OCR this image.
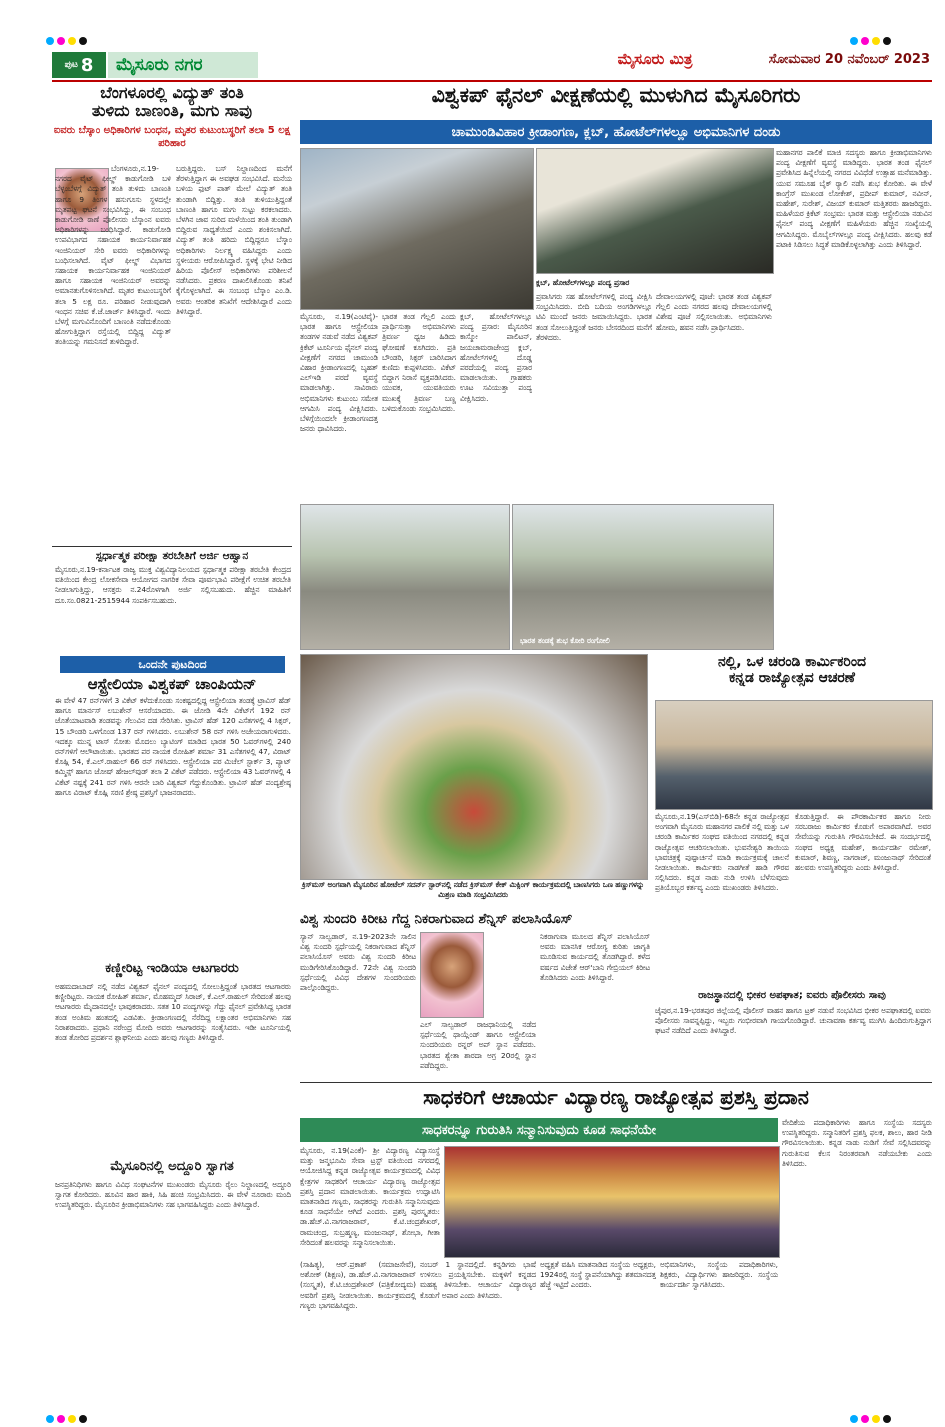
ಪುಟ 8	ಮೈಸೂರು ನಗರ	ಮೈಸೂರು ಮಿತ್ರ	ಸೋಮವಾರ 20 ನವೆಂಬರ್ 2023
ಬೆಂಗಳೂರಲ್ಲಿ ವಿದ್ಯುತ್ ತಂತಿ
ತುಳಿದು ಬಾಣಂತಿ, ಮಗು ಸಾವು
ಐವರು ಬೆಸ್ಕಾಂ ಅಧಿಕಾರಿಗಳ ಬಂಧನ, ಮೃತರ ಕುಟುಂಬಸ್ಥರಿಗೆ ತಲಾ 5 ಲಕ್ಷ ಪರಿಹಾರ
ಬೆಂಗಳೂರು,ನ.19-ನಗರದ ವೈಟ್ ಫೀಲ್ಡ್ ಕಾಡುಗೋಡಿ ಬಳಿ ಬೆಳ್ಳಂಬೆಳಗ್ಗೆ ವಿದ್ಯುತ್ ತಂತಿ ತುಳಿದು ಬಾಣಂತಿ ಹಾಗೂ 9 ತಿಂಗಳ ಹಸುಗೂಸು ಸ್ಥಳದಲ್ಲೇ ಮೃತಪಟ್ಟ ಘಟನೆ ಸಂಭವಿಸಿದ್ದು, ಈ ಸಂಬಂಧ ಕಾಡುಗೋಡಿ ಠಾಣೆ ಪೊಲೀಸರು ಬೆಸ್ಕಾಂನ ಐವರು ಅಧಿಕಾರಿಗಳನ್ನು ಬಂಧಿಸಿದ್ದಾರೆ. ಕಾಡುಗೋಡಿ ಉಪವಿಭಾಗದ ಸಹಾಯಕ ಕಾರ್ಯನಿರ್ವಾಹಕ ಇಂಜಿನಿಯರ್ ಸೇರಿ ಐವರು ಅಧಿಕಾರಿಗಳನ್ನು ಬಂಧಿಸಲಾಗಿದೆ. ವೈಟ್ ಫೀಲ್ಡ್ ವಿಭಾಗದ ಸಹಾಯಕ ಕಾರ್ಯನಿರ್ವಾಹಕ ಇಂಜಿನಿಯರ್ ಹಾಗೂ ಸಹಾಯಕ ಇಂಜಿನಿಯರ್ ಅವರನ್ನು ಅಮಾನತುಗೊಳಿಸಲಾಗಿದೆ. ಮೃತರ ಕುಟುಂಬಸ್ಥರಿಗೆ ತಲಾ 5 ಲಕ್ಷ ರೂ. ಪರಿಹಾರ ನೀಡುವುದಾಗಿ ಇಂಧನ ಸಚಿವ ಕೆ.ಜೆ.ಜಾರ್ಜ್ ತಿಳಿಸಿದ್ದಾರೆ. ಇಂದು ಬೆಳಗ್ಗೆ ಮಗುವಿನೊಂದಿಗೆ ಬಾಣಂತಿ ನಡೆದುಕೊಂಡು ಹೋಗುತ್ತಿದ್ದಾಗ ರಸ್ತೆಯಲ್ಲಿ ಬಿದ್ದಿದ್ದ ವಿದ್ಯುತ್ ತಂತಿಯನ್ನು ಗಮನಿಸದೆ ತುಳಿದಿದ್ದಾರೆ.
ಬರುತ್ತಿದ್ದರು. ಬಸ್ ನಿಲ್ದಾಣದಿಂದ ಮನೆಗೆ ತೆರಳುತ್ತಿದ್ದಾಗ ಈ ಅವಘಡ ಸಂಭವಿಸಿದೆ. ಮನೆಯ ಬಳಿಯ ಫುಟ್ ಪಾತ್ ಮೇಲೆ ವಿದ್ಯುತ್ ತಂತಿ ತುಂಡಾಗಿ ಬಿದ್ದಿತ್ತು. ತಂತಿ ತುಳಿಯುತ್ತಿದ್ದಂತೆ ಬಾಣಂತಿ ಹಾಗೂ ಮಗು ಸುಟ್ಟು ಕರಕಲಾದರು. ಬೆಳಗಿನ ಜಾವ ಸುರಿದ ಮಳೆಯಿಂದ ತಂತಿ ತುಂಡಾಗಿ ಬಿದ್ದಿರುವ ಸಾಧ್ಯತೆಯಿದೆ ಎಂದು ಶಂಕಿಸಲಾಗಿದೆ. ವಿದ್ಯುತ್ ತಂತಿ ಹರಿದು ಬಿದ್ದಿದ್ದರೂ ಬೆಸ್ಕಾಂ ಅಧಿಕಾರಿಗಳು ನಿರ್ಲಕ್ಷ್ಯ ವಹಿಸಿದ್ದರು ಎಂದು ಸ್ಥಳೀಯರು ಆರೋಪಿಸಿದ್ದಾರೆ. ಸ್ಥಳಕ್ಕೆ ಭೇಟಿ ನೀಡಿದ ಹಿರಿಯ ಪೊಲೀಸ್ ಅಧಿಕಾರಿಗಳು ಪರಿಶೀಲನೆ ನಡೆಸಿದರು. ಪ್ರಕರಣ ದಾಖಲಿಸಿಕೊಂಡು ತನಿಖೆ ಕೈಗೊಳ್ಳಲಾಗಿದೆ. ಈ ಸಂಬಂಧ ಬೆಸ್ಕಾಂ ಎಂ.ಡಿ. ಅವರು ಆಂತರಿಕ ತನಿಖೆಗೆ ಆದೇಶಿಸಿದ್ದಾರೆ ಎಂದು ತಿಳಿಸಿದ್ದಾರೆ.
ಸ್ಪರ್ಧಾತ್ಮಕ ಪರೀಕ್ಷಾ ತರಬೇತಿಗೆ ಅರ್ಜಿ ಆಹ್ವಾನ
ಮೈಸೂರು,ನ.19-ಕರ್ನಾಟಕ ರಾಜ್ಯ ಮುಕ್ತ ವಿಶ್ವವಿದ್ಯಾನಿಲಯದ ಸ್ಪರ್ಧಾತ್ಮಕ ಪರೀಕ್ಷಾ ತರಬೇತಿ ಕೇಂದ್ರದ ವತಿಯಿಂದ ಕೇಂದ್ರ ಲೋಕಸೇವಾ ಆಯೋಗದ ನಾಗರಿಕ ಸೇವಾ ಪೂರ್ವಭಾವಿ ಪರೀಕ್ಷೆಗೆ ಉಚಿತ ತರಬೇತಿ ನೀಡಲಾಗುತ್ತಿದ್ದು, ಆಸಕ್ತರು ನ.24ರೊಳಗಾಗಿ ಅರ್ಜಿ ಸಲ್ಲಿಸಬಹುದು. ಹೆಚ್ಚಿನ ಮಾಹಿತಿಗೆ ದೂ.ಸಂ.0821-2515944 ಸಂಪರ್ಕಿಸಬಹುದು.
ಒಂದನೇ ಪುಟದಿಂದ
ಆಸ್ಟ್ರೇಲಿಯಾ ವಿಶ್ವಕಪ್ ಚಾಂಪಿಯನ್
ಈ ವೇಳೆ 47 ರನ್‌ಗಳಿಗೆ 3 ವಿಕೆಟ್ ಕಳೆದುಕೊಂಡು ಸಂಕಷ್ಟದಲ್ಲಿದ್ದ ಆಸ್ಟ್ರೇಲಿಯಾ ತಂಡಕ್ಕೆ ಟ್ರಾವಿಸ್ ಹೆಡ್ ಹಾಗೂ ಮಾರ್ನಸ್ ಲಬುಶೇನ್ ಆಸರೆಯಾದರು. ಈ ಜೋಡಿ 4ನೇ ವಿಕೆಟ್‌ಗೆ 192 ರನ್ ಜೊತೆಯಾಟವಾಡಿ ತಂಡವನ್ನು ಗೆಲುವಿನ ದಡ ಸೇರಿಸಿತು. ಟ್ರಾವಿಸ್ ಹೆಡ್ 120 ಎಸೆತಗಳಲ್ಲಿ 4 ಸಿಕ್ಸರ್, 15 ಬೌಂಡರಿ ಒಳಗೊಂಡ 137 ರನ್ ಗಳಿಸಿದರು. ಲಬುಶೇನ್ 58 ರನ್ ಗಳಿಸಿ ಅಜೇಯರಾಗುಳಿದರು. ಇದಕ್ಕೂ ಮುನ್ನ ಟಾಸ್ ಸೋತು ಮೊದಲು ಬ್ಯಾಟಿಂಗ್ ಮಾಡಿದ ಭಾರತ 50 ಓವರ್‌ಗಳಲ್ಲಿ 240 ರನ್‌ಗಳಿಗೆ ಆಲೌಟಾಯಿತು. ಭಾರತದ ಪರ ನಾಯಕ ರೋಹಿತ್ ಶರ್ಮಾ 31 ಎಸೆತಗಳಲ್ಲಿ 47, ವಿರಾಟ್ ಕೊಹ್ಲಿ 54, ಕೆ.ಎಲ್.ರಾಹುಲ್ 66 ರನ್ ಗಳಿಸಿದರು. ಆಸ್ಟ್ರೇಲಿಯಾ ಪರ ಮಿಚೆಲ್ ಸ್ಟಾರ್ಕ್ 3, ಪ್ಯಾಟ್ ಕಮ್ಮಿನ್ಸ್ ಹಾಗೂ ಜೋಷ್ ಹೇಜಲ್‌ವುಡ್ ತಲಾ 2 ವಿಕೆಟ್ ಪಡೆದರು. ಆಸ್ಟ್ರೇಲಿಯಾ 43 ಓವರ್‌ಗಳಲ್ಲಿ 4 ವಿಕೆಟ್ ನಷ್ಟಕ್ಕೆ 241 ರನ್ ಗಳಿಸಿ ಆರನೇ ಬಾರಿ ವಿಶ್ವಕಪ್ ಗೆದ್ದುಕೊಂಡಿತು. ಟ್ರಾವಿಸ್ ಹೆಡ್ ಪಂದ್ಯಶ್ರೇಷ್ಠ ಹಾಗೂ ವಿರಾಟ್ ಕೊಹ್ಲಿ ಸರಣಿ ಶ್ರೇಷ್ಠ ಪ್ರಶಸ್ತಿಗೆ ಭಾಜನರಾದರು.
ಕಣ್ಣೀರಿಟ್ಟ ಇಂಡಿಯಾ ಆಟಗಾರರು
ಅಹಮದಾಬಾದ್ ನಲ್ಲಿ ನಡೆದ ವಿಶ್ವಕಪ್ ಫೈನಲ್ ಪಂದ್ಯದಲ್ಲಿ ಸೋಲುತ್ತಿದ್ದಂತೆ ಭಾರತದ ಆಟಗಾರರು ಕಣ್ಣೀರಿಟ್ಟರು. ನಾಯಕ ರೋಹಿತ್ ಶರ್ಮಾ, ಮೊಹಮ್ಮದ್ ಸಿರಾಜ್, ಕೆ.ಎಲ್.ರಾಹುಲ್ ಸೇರಿದಂತೆ ಹಲವು ಆಟಗಾರರು ಮೈದಾನದಲ್ಲೇ ಭಾವುಕರಾದರು. ಸತತ 10 ಪಂದ್ಯಗಳನ್ನು ಗೆದ್ದು ಫೈನಲ್ ಪ್ರವೇಶಿಸಿದ್ದ ಭಾರತ ತಂಡ ಅಂತಿಮ ಹಂತದಲ್ಲಿ ಎಡವಿತು. ಕ್ರೀಡಾಂಗಣದಲ್ಲಿ ನೆರೆದಿದ್ದ ಲಕ್ಷಾಂತರ ಅಭಿಮಾನಿಗಳು ಸಹ ನಿರಾಶರಾದರು. ಪ್ರಧಾನಿ ನರೇಂದ್ರ ಮೋದಿ ಅವರು ಆಟಗಾರರನ್ನು ಸಂತೈಸಿದರು. ಇಡೀ ಟೂರ್ನಿಯಲ್ಲಿ ತಂಡ ತೋರಿದ ಪ್ರದರ್ಶನ ಶ್ಲಾಘನೀಯ ಎಂದು ಹಲವು ಗಣ್ಯರು ತಿಳಿಸಿದ್ದಾರೆ.
ಮೈಸೂರಿನಲ್ಲಿ ಅದ್ದೂರಿ ಸ್ವಾಗತ
ಜನಪ್ರತಿನಿಧಿಗಳು ಹಾಗೂ ವಿವಿಧ ಸಂಘಟನೆಗಳ ಮುಖಂಡರು ಮೈಸೂರು ರೈಲು ನಿಲ್ದಾಣದಲ್ಲಿ ಅದ್ದೂರಿ ಸ್ವಾಗತ ಕೋರಿದರು. ಹೂವಿನ ಹಾರ ಹಾಕಿ, ಸಿಹಿ ಹಂಚಿ ಸಂಭ್ರಮಿಸಿದರು. ಈ ವೇಳೆ ನೂರಾರು ಮಂದಿ ಉಪಸ್ಥಿತರಿದ್ದರು. ಮೈಸೂರಿನ ಕ್ರೀಡಾಭಿಮಾನಿಗಳು ಸಹ ಭಾಗವಹಿಸಿದ್ದರು ಎಂದು ತಿಳಿಸಿದ್ದಾರೆ.
ವಿಶ್ವಕಪ್ ಫೈನಲ್ ವೀಕ್ಷಣೆಯಲ್ಲಿ ಮುಳುಗಿದ ಮೈಸೂರಿಗರು
ಚಾಮುಂಡಿವಿಹಾರ ಕ್ರೀಡಾಂಗಣ, ಕ್ಲಬ್, ಹೋಟೆಲ್‌ಗಳಲ್ಲೂ ಅಭಿಮಾನಿಗಳ ದಂಡು
ಕ್ಲಬ್, ಹೋಟೆಲ್‌ಗಳಲ್ಲೂ ಪಂದ್ಯ ಪ್ರಸಾರ
ಮೈಸೂರು, ನ.19(ಎಂಟಿವೈ)- ಭಾರತ ಹಾಗೂ ಆಸ್ಟ್ರೇಲಿಯಾ ತಂಡಗಳ ನಡುವೆ ನಡೆದ ವಿಶ್ವಕಪ್ ಕ್ರಿಕೆಟ್ ಟೂರ್ನಿಯ ಫೈನಲ್ ಪಂದ್ಯ ವೀಕ್ಷಣೆಗೆ ನಗರದ ಚಾಮುಂಡಿ ವಿಹಾರ ಕ್ರೀಡಾಂಗಣದಲ್ಲಿ ಬೃಹತ್ ಎಲ್‌ಇಡಿ ಪರದೆ ವ್ಯವಸ್ಥೆ ಮಾಡಲಾಗಿತ್ತು. ಸಾವಿರಾರು ಅಭಿಮಾನಿಗಳು ಕುಟುಂಬ ಸಮೇತ ಆಗಮಿಸಿ ಪಂದ್ಯ ವೀಕ್ಷಿಸಿದರು. ಬೆಳಿಗ್ಗೆಯಿಂದಲೇ ಕ್ರೀಡಾಂಗಣದತ್ತ ಜನರು ಧಾವಿಸಿದರು.
ಭಾರತ ತಂಡ ಗೆಲ್ಲಲಿ ಎಂದು ಪ್ರಾರ್ಥಿಸುತ್ತಾ ಅಭಿಮಾನಿಗಳು ತ್ರಿವರ್ಣ ಧ್ವಜ ಹಿಡಿದು ಘೋಷಣೆ ಕೂಗಿದರು. ಪ್ರತಿ ಬೌಂಡರಿ, ಸಿಕ್ಸರ್ ಬಾರಿಸಿದಾಗ ಕುಣಿದು ಕುಪ್ಪಳಿಸಿದರು. ವಿಕೆಟ್ ಬಿದ್ದಾಗ ನಿರಾಸೆ ವ್ಯಕ್ತಪಡಿಸಿದರು. ಯುವಕ, ಯುವತಿಯರು ಮುಖಕ್ಕೆ ತ್ರಿವರ್ಣ ಬಣ್ಣ ಬಳಿದುಕೊಂಡು ಸಂಭ್ರಮಿಸಿದರು.
ಕ್ಲಬ್, ಹೋಟೆಲ್‌ಗಳಲ್ಲೂ ಪಂದ್ಯ ಪ್ರಸಾರ: ಮೈಸೂರಿನ ಕಾಸ್ಮೋ ಪಾಲಿಟನ್, ಜಯಚಾಮರಾಜೇಂದ್ರ ಕ್ಲಬ್, ಹೋಟೆಲ್‌ಗಳಲ್ಲಿ ದೊಡ್ಡ ಪರದೆಯಲ್ಲಿ ಪಂದ್ಯ ಪ್ರಸಾರ ಮಾಡಲಾಯಿತು. ಗ್ರಾಹಕರು ಊಟ ಸವಿಯುತ್ತಾ ಪಂದ್ಯ ವೀಕ್ಷಿಸಿದರು.
ಪ್ರವಾಸಿಗರು ಸಹ ಹೋಟೆಲ್‌ಗಳಲ್ಲಿ ಪಂದ್ಯ ವೀಕ್ಷಿಸಿ ಸಂಭ್ರಮಿಸಿದರು. ಬೀದಿ ಬದಿಯ ಅಂಗಡಿಗಳಲ್ಲೂ ಟಿವಿ ಮುಂದೆ ಜನರು ಜಮಾಯಿಸಿದ್ದರು. ಭಾರತ ತಂಡ ಸೋಲುತ್ತಿದ್ದಂತೆ ಜನರು ಬೇಸರದಿಂದ ಮನೆಗೆ ತೆರಳಿದರು.
ದೇವಾಲಯಗಳಲ್ಲಿ ಪೂಜೆ: ಭಾರತ ತಂಡ ವಿಶ್ವಕಪ್ ಗೆಲ್ಲಲಿ ಎಂದು ನಗರದ ಹಲವು ದೇವಾಲಯಗಳಲ್ಲಿ ವಿಶೇಷ ಪೂಜೆ ಸಲ್ಲಿಸಲಾಯಿತು. ಅಭಿಮಾನಿಗಳು ಹೋಮ, ಹವನ ನಡೆಸಿ ಪ್ರಾರ್ಥಿಸಿದರು.
ಮಹಾನಗರ ಪಾಲಿಕೆ ಮಾಜಿ ಸದಸ್ಯರು ಹಾಗೂ ಕ್ರೀಡಾಭಿಮಾನಿಗಳು ಪಂದ್ಯ ವೀಕ್ಷಣೆಗೆ ವ್ಯವಸ್ಥೆ ಮಾಡಿದ್ದರು. ಭಾರತ ತಂಡ ಫೈನಲ್ ಪ್ರವೇಶಿಸಿದ ಹಿನ್ನೆಲೆಯಲ್ಲಿ ನಗರದ ವಿವಿಧೆಡೆ ಉತ್ಸಾಹ ಮನೆಮಾಡಿತ್ತು. ಯುವ ಸಮೂಹ ಬೈಕ್ ರ‍್ಯಾಲಿ ನಡೆಸಿ ಶುಭ ಕೋರಿತು. ಈ ವೇಳೆ ಕಾಂಗ್ರೆಸ್ ಮುಖಂಡ ಲೋಕೇಶ್, ಪ್ರದೀಪ್ ಕುಮಾರ್, ನವೀನ್, ಮಹೇಶ್, ಸುರೇಶ್, ವಿಜಯ್ ಕುಮಾರ್ ಮತ್ತಿತರರು ಹಾಜರಿದ್ದರು. ಮಹಿಳೆಯರ ಕ್ರಿಕೆಟ್ ಸಂಭ್ರಮ: ಭಾರತ ಮತ್ತು ಆಸ್ಟ್ರೇಲಿಯಾ ನಡುವಿನ ಫೈನಲ್ ಪಂದ್ಯ ವೀಕ್ಷಣೆಗೆ ಮಹಿಳೆಯರು ಹೆಚ್ಚಿನ ಸಂಖ್ಯೆಯಲ್ಲಿ ಆಗಮಿಸಿದ್ದರು. ಮೊಬೈಲ್‌ಗಳಲ್ಲೂ ಪಂದ್ಯ ವೀಕ್ಷಿಸಿದರು. ಹಲವು ಕಡೆ ಪಟಾಕಿ ಸಿಡಿಸಲು ಸಿದ್ಧತೆ ಮಾಡಿಕೊಳ್ಳಲಾಗಿತ್ತು ಎಂದು ತಿಳಿಸಿದ್ದಾರೆ.
ಭಾರತ ತಂಡಕ್ಕೆ ಶುಭ ಕೋರಿ ರಂಗೋಲಿ
ಕ್ರಿಸ್‌ಮಸ್ ಅಂಗವಾಗಿ ಮೈಸೂರಿನ ಹೋಟೆಲ್ ಸದರ್ನ್ ಸ್ಟಾರ್‌ನಲ್ಲಿ ನಡೆದ ಕ್ರಿಸ್‌ಮಸ್ ಕೇಕ್ ಮಿಕ್ಸಿಂಗ್ ಕಾರ್ಯಕ್ರಮದಲ್ಲಿ ಬಾಣಸಿಗರು ಒಣ ಹಣ್ಣುಗಳನ್ನು ಮಿಶ್ರಣ ಮಾಡಿ ಸಂಭ್ರಮಿಸಿದರು
ನಲ್ಲಿ, ಒಳ ಚರಂಡಿ ಕಾರ್ಮಿಕರಿಂದ
ಕನ್ನಡ ರಾಜ್ಯೋತ್ಸವ ಆಚರಣೆ
ಮೈಸೂರು,ನ.19(ಎಸ್‌ಬಿಡಿ)-68ನೇ ಕನ್ನಡ ರಾಜ್ಯೋತ್ಸವ ಅಂಗವಾಗಿ ಮೈಸೂರು ಮಹಾನಗರ ಪಾಲಿಕೆ ನಲ್ಲಿ ಮತ್ತು ಒಳ ಚರಂಡಿ ಕಾರ್ಮಿಕರ ಸಂಘದ ವತಿಯಿಂದ ನಗರದಲ್ಲಿ ಕನ್ನಡ ರಾಜ್ಯೋತ್ಸವ ಆಚರಿಸಲಾಯಿತು. ಭುವನೇಶ್ವರಿ ತಾಯಿಯ ಭಾವಚಿತ್ರಕ್ಕೆ ಪುಷ್ಪಾರ್ಚನೆ ಮಾಡಿ ಕಾರ್ಯಕ್ರಮಕ್ಕೆ ಚಾಲನೆ ನೀಡಲಾಯಿತು. ಕಾರ್ಮಿಕರು ನಾಡಗೀತೆ ಹಾಡಿ ಗೌರವ ಸಲ್ಲಿಸಿದರು. ಕನ್ನಡ ನಾಡು ನುಡಿ ಉಳಿಸಿ ಬೆಳೆಸುವುದು ಪ್ರತಿಯೊಬ್ಬರ ಕರ್ತವ್ಯ ಎಂದು ಮುಖಂಡರು ತಿಳಿಸಿದರು.
ಕೊಡುತ್ತಿದ್ದಾರೆ. ಈ ಪೌರಕಾರ್ಮಿಕರ ಹಾಗೂ ನೀರು ಸರಬರಾಜು ಕಾರ್ಮಿಕರ ಕೊಡುಗೆ ಅಪಾರವಾಗಿದೆ. ಅವರ ಸೇವೆಯನ್ನು ಗುರುತಿಸಿ ಗೌರವಿಸಬೇಕಿದೆ. ಈ ಸಂದರ್ಭದಲ್ಲಿ ಸಂಘದ ಅಧ್ಯಕ್ಷ ಮಹೇಶ್, ಕಾರ್ಯದರ್ಶಿ ರಮೇಶ್, ಕುಮಾರ್, ಶಿವಣ್ಣ, ನಾಗರಾಜ್, ಮಂಜುನಾಥ್ ಸೇರಿದಂತೆ ಹಲವರು ಉಪಸ್ಥಿತರಿದ್ದರು ಎಂದು ತಿಳಿಸಿದ್ದಾರೆ.
ರಾಜಸ್ಥಾನದಲ್ಲಿ ಭೀಕರ ಅಪಘಾತ; ಐವರು ಪೊಲೀಸರು ಸಾವು
ಜೈಪುರ,ನ.19-ಭರತಪುರ ಜಿಲ್ಲೆಯಲ್ಲಿ ಪೊಲೀಸ್ ವಾಹನ ಹಾಗೂ ಟ್ರಕ್ ನಡುವೆ ಸಂಭವಿಸಿದ ಭೀಕರ ಅಪಘಾತದಲ್ಲಿ ಐವರು ಪೊಲೀಸರು ಸಾವನ್ನಪ್ಪಿದ್ದು, ಇಬ್ಬರು ಗಂಭೀರವಾಗಿ ಗಾಯಗೊಂಡಿದ್ದಾರೆ. ಚುನಾವಣಾ ಕರ್ತವ್ಯ ಮುಗಿಸಿ ಹಿಂದಿರುಗುತ್ತಿದ್ದಾಗ ಘಟನೆ ನಡೆದಿದೆ ಎಂದು ತಿಳಿಸಿದ್ದಾರೆ.
ವಿಶ್ವ ಸುಂದರಿ ಕಿರೀಟ ಗೆದ್ದ ನಿಕರಾಗುವಾದ ಶೆನ್ನಿಸ್ ಪಲಾಸಿಯೊಸ್
ಸ್ಯಾನ್ ಸಾಲ್ವಡಾರ್, ನ.19-2023ನೇ ಸಾಲಿನ ವಿಶ್ವ ಸುಂದರಿ ಸ್ಪರ್ಧೆಯಲ್ಲಿ ನಿಕರಾಗುವಾದ ಶೆನ್ನಿಸ್ ಪಲಾಸಿಯೊಸ್ ಅವರು ವಿಶ್ವ ಸುಂದರಿ ಕಿರೀಟ ಮುಡಿಗೇರಿಸಿಕೊಂಡಿದ್ದಾರೆ. 72ನೇ ವಿಶ್ವ ಸುಂದರಿ ಸ್ಪರ್ಧೆಯಲ್ಲಿ ವಿವಿಧ ದೇಶಗಳ ಸುಂದರಿಯರು ಪಾಲ್ಗೊಂಡಿದ್ದರು.
ಎಲ್ ಸಾಲ್ವಡಾರ್ ರಾಜಧಾನಿಯಲ್ಲಿ ನಡೆದ ಸ್ಪರ್ಧೆಯಲ್ಲಿ ಥಾಯ್ಲೆಂಡ್ ಹಾಗೂ ಆಸ್ಟ್ರೇಲಿಯಾ ಸುಂದರಿಯರು ರನ್ನರ್ ಅಪ್ ಸ್ಥಾನ ಪಡೆದರು. ಭಾರತದ ಶ್ವೇತಾ ಶಾರದಾ ಅಗ್ರ 20ರಲ್ಲಿ ಸ್ಥಾನ ಪಡೆದಿದ್ದರು.
ನಿಕರಾಗುವಾ ಮೂಲದ ಶೆನ್ನಿಸ್ ಪಲಾಸಿಯೊಸ್ ಅವರು ಮಾನಸಿಕ ಆರೋಗ್ಯ ಕುರಿತು ಜಾಗೃತಿ ಮೂಡಿಸುವ ಕಾರ್ಯದಲ್ಲಿ ತೊಡಗಿದ್ದಾರೆ. ಕಳೆದ ವರ್ಷದ ವಿಜೇತೆ ಆರ್'ಬಾನಿ ಗೇಬ್ರಿಯಲ್ ಕಿರೀಟ ತೊಡಿಸಿದರು ಎಂದು ತಿಳಿಸಿದ್ದಾರೆ.
ಸಾಧಕರಿಗೆ ಆಚಾರ್ಯ ವಿದ್ಯಾರಣ್ಯ ರಾಜ್ಯೋತ್ಸವ ಪ್ರಶಸ್ತಿ ಪ್ರದಾನ
ಸಾಧಕರನ್ನೂ ಗುರುತಿಸಿ ಸನ್ಮಾನಿಸುವುದು ಕೂಡ ಸಾಧನೆಯೇ
ಮೈಸೂರು, ನ.19(ಎಂಕೆ)- ಶ್ರೀ ವಿದ್ಯಾರಣ್ಯ ವಿದ್ಯಾಸಂಸ್ಥೆ ಮತ್ತು ಜನ್ಮಭೂಮಿ ಸೇವಾ ಟ್ರಸ್ಟ್ ವತಿಯಿಂದ ನಗರದಲ್ಲಿ ಆಯೋಜಿಸಿದ್ದ ಕನ್ನಡ ರಾಜ್ಯೋತ್ಸವ ಕಾರ್ಯಕ್ರಮದಲ್ಲಿ ವಿವಿಧ ಕ್ಷೇತ್ರಗಳ ಸಾಧಕರಿಗೆ ಆಚಾರ್ಯ ವಿದ್ಯಾರಣ್ಯ ರಾಜ್ಯೋತ್ಸವ ಪ್ರಶಸ್ತಿ ಪ್ರದಾನ ಮಾಡಲಾಯಿತು. ಕಾರ್ಯಕ್ರಮ ಉದ್ಘಾಟಿಸಿ ಮಾತನಾಡಿದ ಗಣ್ಯರು, ಸಾಧಕರನ್ನು ಗುರುತಿಸಿ ಸನ್ಮಾನಿಸುವುದು ಕೂಡ ಸಾಧನೆಯೇ ಆಗಿದೆ ಎಂದರು. ಪ್ರಶಸ್ತಿ ಪುರಸ್ಕೃತರು: ಡಾ.ಹೆಚ್.ವಿ.ನಾಗರಾಜರಾವ್, ಕೆ.ಟಿ.ಚಂದ್ರಶೇಖರ್, ರಾಮಚಂದ್ರ, ಸುಬ್ರಹ್ಮಣ್ಯ, ಮಂಜುನಾಥ್, ಶೋಭಾ, ಗೀತಾ ಸೇರಿದಂತೆ ಹಲವರನ್ನು ಸನ್ಮಾನಿಸಲಾಯಿತು.
ವೇದಿಕೆಯ ಪದಾಧಿಕಾರಿಗಳು ಹಾಗೂ ಸಂಸ್ಥೆಯ ಸದಸ್ಯರು ಉಪಸ್ಥಿತರಿದ್ದರು. ಸನ್ಮಾನಿತರಿಗೆ ಪ್ರಶಸ್ತಿ ಫಲಕ, ಶಾಲು, ಹಾರ ನೀಡಿ ಗೌರವಿಸಲಾಯಿತು. ಕನ್ನಡ ನಾಡು ನುಡಿಗೆ ಸೇವೆ ಸಲ್ಲಿಸಿದವರನ್ನು ಗುರುತಿಸುವ ಕೆಲಸ ನಿರಂತರವಾಗಿ ನಡೆಯಬೇಕು ಎಂದು ತಿಳಿಸಿದರು.
(ಸಾಹಿತ್ಯ), ಆರ್.ಪ್ರಕಾಶ್ (ಸಮಾಜಸೇವೆ), ಅಶೋಕ್ (ಶಿಕ್ಷಣ), ಡಾ.ಹೆಚ್.ವಿ.ನಾಗರಾಜರಾವ್ (ಸಂಸ್ಕೃತ), ಕೆ.ಟಿ.ಚಂದ್ರಶೇಖರ್ (ಪತ್ರಿಕೋದ್ಯಮ) ಅವರಿಗೆ ಪ್ರಶಸ್ತಿ ನೀಡಲಾಯಿತು. ಕಾರ್ಯಕ್ರಮದಲ್ಲಿ ಗಣ್ಯರು ಭಾಗವಹಿಸಿದ್ದರು.
ನಂಬರ್ 1 ಸ್ಥಾನದಲ್ಲಿದೆ. ಕನ್ನಡಿಗರು ಭಾಷೆ ಉಳಿಸಲು ಪ್ರಯತ್ನಿಸಬೇಕು. ಮಕ್ಕಳಿಗೆ ಕನ್ನಡದ ಮಹತ್ವ ತಿಳಿಸಬೇಕು. ಆಚಾರ್ಯ ವಿದ್ಯಾರಣ್ಯರ ಕೊಡುಗೆ ಅಪಾರ ಎಂದು ತಿಳಿಸಿದರು.
ಅಧ್ಯಕ್ಷತೆ ವಹಿಸಿ ಮಾತನಾಡಿದ ಸಂಸ್ಥೆಯ ಅಧ್ಯಕ್ಷರು, 1924ರಲ್ಲಿ ಸಂಸ್ಥೆ ಸ್ಥಾಪನೆಯಾಗಿದ್ದು ಶತಮಾನದತ್ತ ಹೆಜ್ಜೆ ಇಟ್ಟಿದೆ ಎಂದರು.
ಅಭಿಮಾನಿಗಳು, ಸಂಸ್ಥೆಯ ಪದಾಧಿಕಾರಿಗಳು, ಶಿಕ್ಷಕರು, ವಿದ್ಯಾರ್ಥಿಗಳು ಹಾಜರಿದ್ದರು. ಸಂಸ್ಥೆಯ ಕಾರ್ಯದರ್ಶಿ ಸ್ವಾಗತಿಸಿದರು.
